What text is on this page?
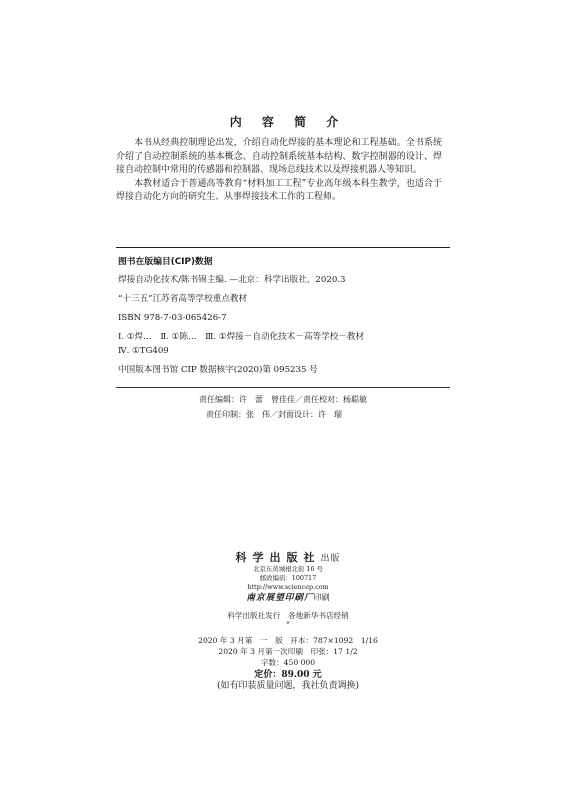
内 容 简 介

本书从经典控制理论出发，介绍自动化焊接的基本理论和工程基础。全书系统介绍了自动控制系统的基本概念、自动控制系统基本结构、数字控制器的设计、焊接自动控制中常用的传感器和控制器、现场总线技术以及焊接机器人等知识。

本教材适合于普通高等教育“材料加工工程”专业高年级本科生教学，也适合于焊接自动化方向的研究生、从事焊接技术工作的工程师。

图书在版编目(CIP)数据
焊接自动化技术/陈书锦主编. —北京：科学出版社，2020.3
“十三五”江苏省高等学校重点教材
ISBN 978-7-03-065426-7
Ⅰ. ①焊…　Ⅱ. ①陈…　Ⅲ. ①焊接－自动化技术－高等学校－教材
Ⅳ. ①TG409
中国版本图书馆 CIP 数据核字(2020)第 095235 号
责任编辑：许　蕾　曾佳佳／责任校对：杨聪敏
责任印制：张　伟／封面设计：许　瑞
科学出版社出版
北京东黄城根北街 16 号
邮政编码：100717
http://www.sciencep.com
南京展望印刷厂印刷
科学出版社发行　各地新华书店经销
*
2020 年 3 月第　一　版　开本：787×1092　1/16
2020 年 3 月第一次印刷　印张：17 1/2
字数：450 000
定价：89.00 元
(如有印装质量问题，我社负责调换)
